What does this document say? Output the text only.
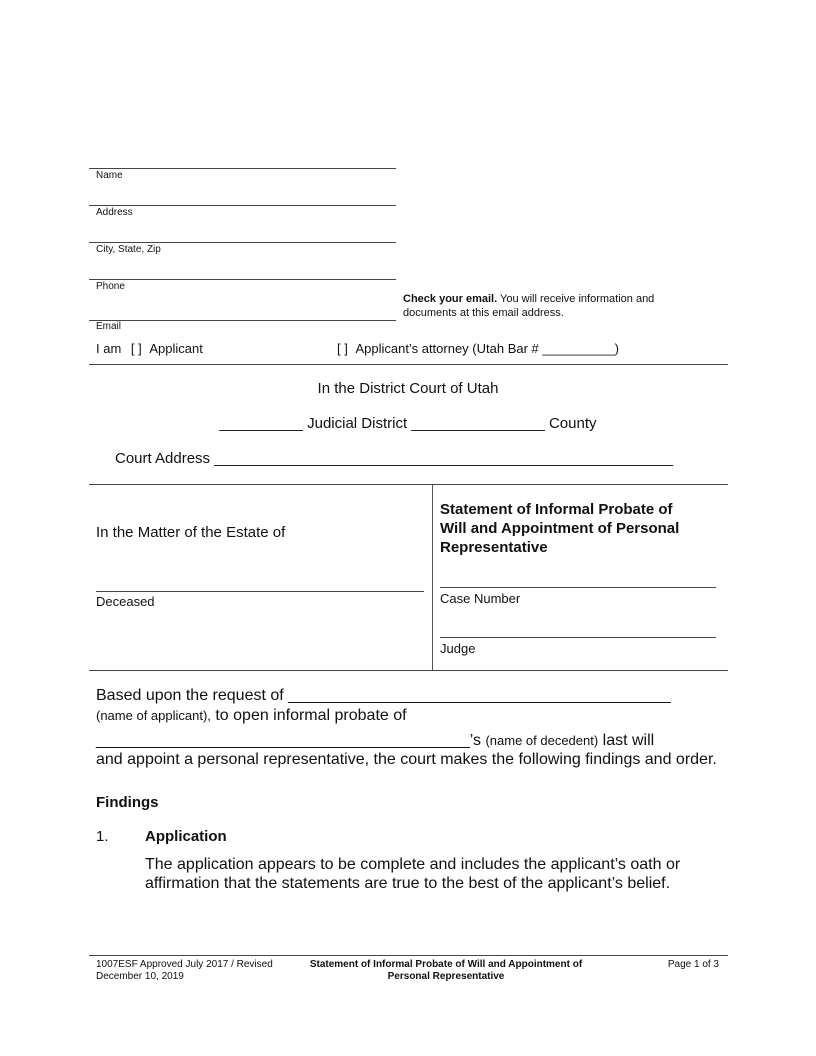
Name
Address
City, State, Zip
Phone
Check your email. You will receive information and
documents at this email address.
Email
I am [ ] Applicant	[ ] Applicant’s attorney (Utah Bar # __________)
In the District Court of Utah
__________ Judicial District ________________ County
Court Address _______________________________________________________
In the Matter of the Estate of
Deceased
Statement of Informal Probate of
Will and Appointment of Personal
Representative
Case Number
Judge
Based upon the request of ___________________________________________
(name of applicant), to open informal probate of
__________________________________________’s (name of decedent) last will
and appoint a personal representative, the court makes the following findings and order.
Findings
1. Application
The application appears to be complete and includes the applicant’s oath or
affirmation that the statements are true to the best of the applicant’s belief.
1007ESF Approved July 2017 / Revised
December 10, 2019
Statement of Informal Probate of Will and Appointment of
Personal Representative
Page 1 of 3
